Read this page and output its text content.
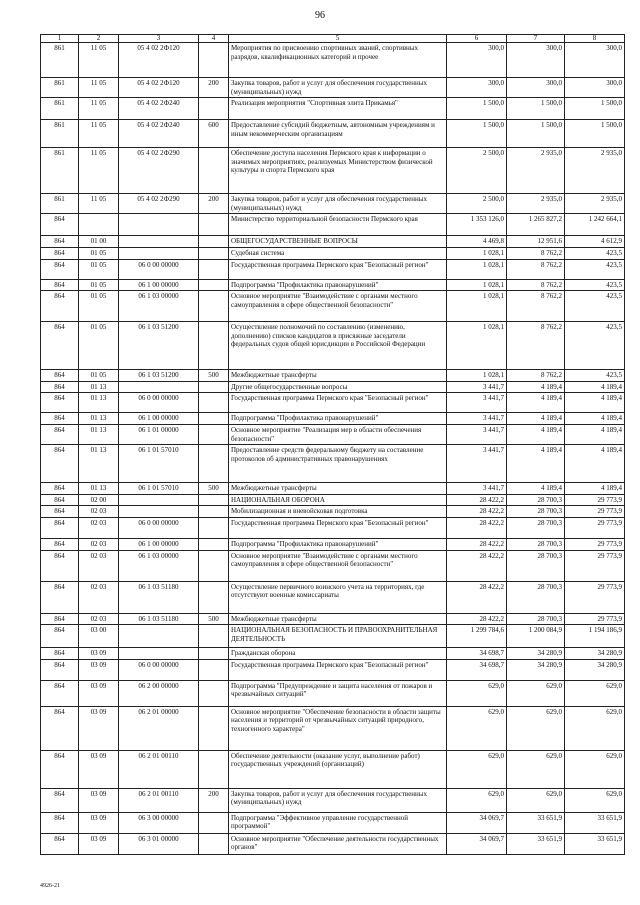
96
1	2	3	4	5	6	7	8
861	11 05	05 4 02 2Ф120		Мероприятия по присвоению спортивных званий, спортивных разрядов, квалификационных категорий и прочее	300,0	300,0	300,0
861	11 05	05 4 02 2Ф120	200	Закупка товаров, работ и услуг для обеспечения государственных (муниципальных) нужд	300,0	300,0	300,0
861	11 05	05 4 02 2Ф240		Реализация мероприятия "Спортивная элита Прикамья"	1 500,0	1 500,0	1 500,0
861	11 05	05 4 02 2Ф240	600	Предоставление субсидий бюджетным, автономным учреждениям и иным некоммерческим организациям	1 500,0	1 500,0	1 500,0
861	11 05	05 4 02 2Ф290		Обеспечение доступа населения Пермского края к информации о значимых мероприятиях, реализуемых Министерством физической культуры и спорта Пермского края	2 500,0	2 935,0	2 935,0
861	11 05	05 4 02 2Ф290	200	Закупка товаров, работ и услуг для обеспечения государственных (муниципальных) нужд	2 500,0	2 935,0	2 935,0
864				Министерство территориальной безопасности Пермского края	1 353 126,0	1 265 827,2	1 242 664,1
864	01 00			ОБЩЕГОСУДАРСТВЕННЫЕ ВОПРОСЫ	4 469,8	12 951,6	4 612,9
864	01 05			Судебная система	1 028,1	8 762,2	423,5
864	01 05	06 0 00 00000		Государственная программа Пермского края "Безопасный регион"	1 028,1	8 762,2	423,5
864	01 05	06 1 00 00000		Подпрограмма "Профилактика правонарушений"	1 028,1	8 762,2	423,5
864	01 05	06 1 03 00000		Основное мероприятие "Взаимодействие с органами местного самоуправления в сфере общественной безопасности"	1 028,1	8 762,2	423,5
864	01 05	06 1 03 51200		Осуществление полномочий по составлению (изменению, дополнению) списков кандидатов в присяжные заседатели федеральных судов общей юрисдикции в Российской Федерации	1 028,1	8 762,2	423,5
864	01 05	06 1 03 51200	500	Межбюджетные трансферты	1 028,1	8 762,2	423,5
864	01 13			Другие общегосударственные вопросы	3 441,7	4 189,4	4 189,4
864	01 13	06 0 00 00000		Государственная программа Пермского края "Безопасный регион"	3 441,7	4 189,4	4 189,4
864	01 13	06 1 00 00000		Подпрограмма "Профилактика правонарушений"	3 441,7	4 189,4	4 189,4
864	01 13	06 1 01 00000		Основное мероприятие "Реализация мер в области обеспечения безопасности"	3 441,7	4 189,4	4 189,4
864	01 13	06 1 01 57010		Предоставление средств федеральному бюджету на составление протоколов об административных правонарушениях	3 441,7	4 189,4	4 189,4
864	01 13	06 1 01 57010	500	Межбюджетные трансферты	3 441,7	4 189,4	4 189,4
864	02 00			НАЦИОНАЛЬНАЯ ОБОРОНА	28 422,2	28 700,3	29 773,9
864	02 03			Мобилизационная и вневойсковая подготовка	28 422,2	28 700,3	29 773,9
864	02 03	06 0 00 00000		Государственная программа Пермского края "Безопасный регион"	28 422,2	28 700,3	29 773,9
864	02 03	06 1 00 00000		Подпрограмма "Профилактика правонарушений"	28 422,2	28 700,3	29 773,9
864	02 03	06 1 03 00000		Основное мероприятие "Взаимодействие с органами местного самоуправления в сфере общественной безопасности"	28 422,2	28 700,3	29 773,9
864	02 03	06 1 03 51180		Осуществление первичного воинского учета на территориях, где отсутствуют военные комиссариаты	28 422,2	28 700,3	29 773,9
864	02 03	06 1 03 51180	500	Межбюджетные трансферты	28 422,2	28 700,3	29 773,9
864	03 00			НАЦИОНАЛЬНАЯ БЕЗОПАСНОСТЬ И ПРАВООХРАНИТЕЛЬНАЯ ДЕЯТЕЛЬНОСТЬ	1 299 784,6	1 200 084,9	1 194 186,9
864	03 09			Гражданская оборона	34 698,7	34 280,9	34 280,9
864	03 09	06 0 00 00000		Государственная программа Пермского края "Безопасный регион"	34 698,7	34 280,9	34 280,9
864	03 09	06 2 00 00000		Подпрограмма "Предупреждение и защита населения от пожаров и чрезвычайных ситуаций"	629,0	629,0	629,0
864	03 09	06 2 01 00000		Основное мероприятие "Обеспечение безопасности в области защиты населения и территорий от чрезвычайных ситуаций природного, техногенного характера"	629,0	629,0	629,0
864	03 09	06 2 01 00110		Обеспечение деятельности (оказание услуг, выполнение работ) государственных учреждений (организаций)	629,0	629,0	629,0
864	03 09	06 2 01 00110	200	Закупка товаров, работ и услуг для обеспечения государственных (муниципальных) нужд	629,0	629,0	629,0
864	03 09	06 3 00 00000		Подпрограмма "Эффективное управление государственной программой"	34 069,7	33 651,9	33 651,9
864	03 09	06 3 01 00000		Основное мероприятие "Обеспечение деятельности государственных органов"	34 069,7	33 651,9	33 651,9
4926-21
